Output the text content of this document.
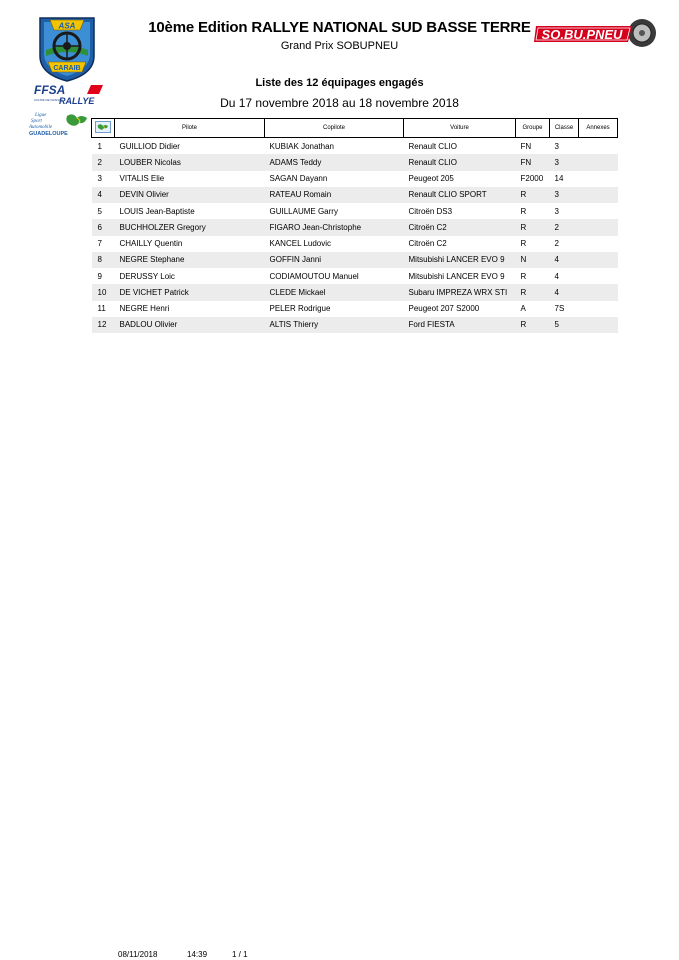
10ème Edition RALLYE NATIONAL SUD BASSE TERRE
Grand Prix SOBUPNEU
Liste des 12 équipages engagés
Du 17 novembre 2018 au 18 novembre 2018
ASA
CARAIB
FFSA
COUPE DE FRANCE
RALLYE
Ligue
Sport
Automobile
GUADELOUPE
SO.BU.PNEU
	Pilote	Copilote	Voiture	Groupe	Classe	Annexes
1	GUILLIOD Didier	KUBIAK Jonathan	Renault CLIO	FN	3	
2	LOUBER Nicolas	ADAMS Teddy	Renault CLIO	FN	3	
3	VITALIS Elie	SAGAN Dayann	Peugeot 205	F2000	14	
4	DEVIN Olivier	RATEAU Romain	Renault CLIO SPORT	R	3	
5	LOUIS Jean-Baptiste	GUILLAUME Garry	Citroën DS3	R	3	
6	BUCHHOLZER Gregory	FIGARO Jean-Christophe	Citroën C2	R	2	
7	CHAILLY Quentin	KANCEL Ludovic	Citroën C2	R	2	
8	NEGRE Stephane	GOFFIN Janni	Mitsubishi LANCER EVO 9	N	4	
9	DERUSSY Loic	CODIAMOUTOU Manuel	Mitsubishi LANCER EVO 9	R	4	
10	DE VICHET Patrick	CLEDE Mickael	Subaru IMPREZA WRX STI	R	4	
11	NEGRE Henri	PELER Rodrigue	Peugeot 207 S2000	A	7S	
12	BADLOU Olivier	ALTIS Thierry	Ford FIESTA	R	5	
08/11/2018	14:39	1 / 1
